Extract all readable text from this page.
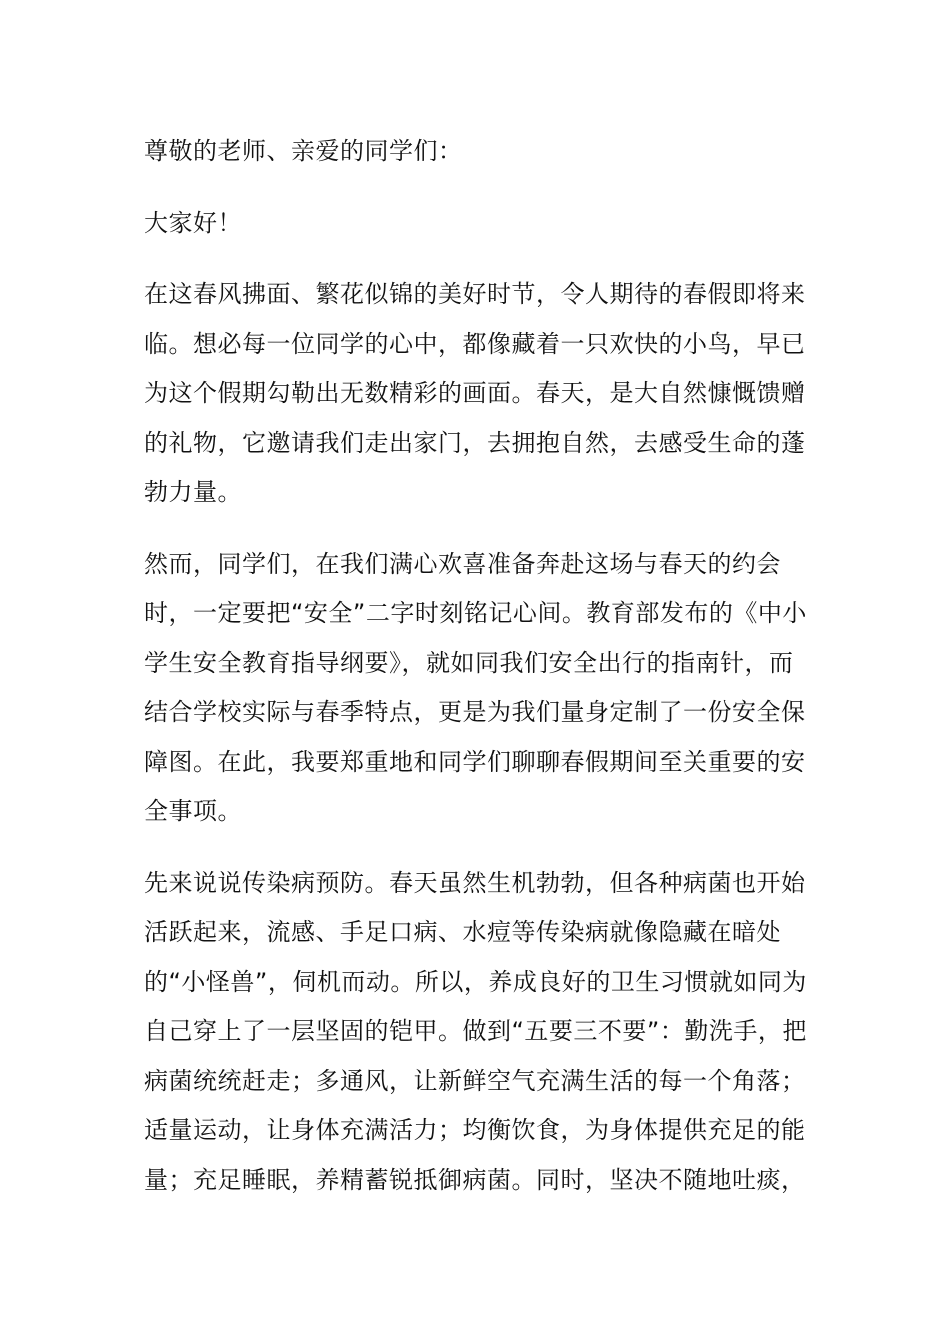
尊敬的老师、亲爱的同学们：

大家好！

在这春风拂面、繁花似锦的美好时节，令人期待的春假即将来临。想必每一位同学的心中，都像藏着一只欢快的小鸟，早已为这个假期勾勒出无数精彩的画面。春天，是大自然慷慨馈赠的礼物，它邀请我们走出家门，去拥抱自然，去感受生命的蓬勃力量。

然而，同学们，在我们满心欢喜准备奔赴这场与春天的约会时，一定要把“安全”二字时刻铭记心间。教育部发布的《中小学生安全教育指导纲要》，就如同我们安全出行的指南针，而结合学校实际与春季特点，更是为我们量身定制了一份安全保障图。在此，我要郑重地和同学们聊聊春假期间至关重要的安全事项。

先来说说传染病预防。春天虽然生机勃勃，但各种病菌也开始活跃起来，流感、手足口病、水痘等传染病就像隐藏在暗处的“小怪兽”，伺机而动。所以，养成良好的卫生习惯就如同为自己穿上了一层坚固的铠甲。做到“五要三不要”：勤洗手，把病菌统统赶走；多通风，让新鲜空气充满生活的每一个角落；适量运动，让身体充满活力；均衡饮食，为身体提供充足的能量；充足睡眠，养精蓄锐抵御病菌。同时，坚决不随地吐痰，
